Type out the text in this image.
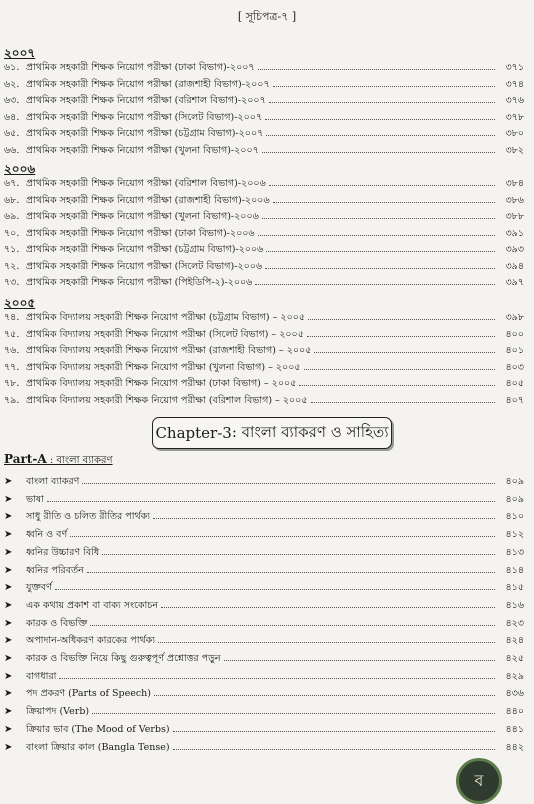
[ সূচিপত্র-৭ ]
২০০৭
৬১. প্রাথমিক সহকারী শিক্ষক নিয়োগ পরীক্ষা (ঢাকা বিভাগ)-২০০৭	৩৭১
৬২. প্রাথমিক সহকারী শিক্ষক নিয়োগ পরীক্ষা (রাজশাহী বিভাগ)-২০০৭	৩৭৪
৬৩. প্রাথমিক সহকারী শিক্ষক নিয়োগ পরীক্ষা (বরিশাল বিভাগ)-২০০৭	৩৭৬
৬৪. প্রাথমিক সহকারী শিক্ষক নিয়োগ পরীক্ষা (সিলেট বিভাগ)-২০০৭	৩৭৮
৬৫. প্রাথমিক সহকারী শিক্ষক নিয়োগ পরীক্ষা (চট্টগ্রাম বিভাগ)-২০০৭	৩৮০
৬৬. প্রাথমিক সহকারী শিক্ষক নিয়োগ পরীক্ষা (খুলনা বিভাগ)-২০০৭	৩৮২
২০০৬
৬৭. প্রাথমিক সহকারী শিক্ষক নিয়োগ পরীক্ষা (বরিশাল বিভাগ)-২০০৬	৩৮৪
৬৮. প্রাথমিক সহকারী শিক্ষক নিয়োগ পরীক্ষা (রাজশাহী বিভাগ)-২০০৬	৩৮৬
৬৯. প্রাথমিক সহকারী শিক্ষক নিয়োগ পরীক্ষা (খুলনা বিভাগ)-২০০৬	৩৮৮
৭০. প্রাথমিক সহকারী শিক্ষক নিয়োগ পরীক্ষা (ঢাকা বিভাগ)-২০০৬	৩৯১
৭১. প্রাথমিক সহকারী শিক্ষক নিয়োগ পরীক্ষা (চট্টগ্রাম বিভাগ)-২০০৬	৩৯৩
৭২. প্রাথমিক সহকারী শিক্ষক নিয়োগ পরীক্ষা (সিলেট বিভাগ)-২০০৬	৩৯৪
৭৩. প্রাথমিক সহকারী শিক্ষক নিয়োগ পরীক্ষা (পিইডিপি-২)-২০০৬	৩৯৭
২০০৫
৭৪. প্রাথমিক বিদ্যালয় সহকারী শিক্ষক নিয়োগ পরীক্ষা (চট্টগ্রাম বিভাগ) – ২০০৫	৩৯৮
৭৫. প্রাথমিক বিদ্যালয় সহকারী শিক্ষক নিয়োগ পরীক্ষা (সিলেট বিভাগ) – ২০০৫	৪০০
৭৬. প্রাথমিক বিদ্যালয় সহকারী শিক্ষক নিয়োগ পরীক্ষা (রাজশাহী বিভাগ) – ২০০৫	৪০১
৭৭. প্রাথমিক বিদ্যালয় সহকারী শিক্ষক নিয়োগ পরীক্ষা (খুলনা বিভাগ) – ২০০৫	৪০৩
৭৮. প্রাথমিক বিদ্যালয় সহকারী শিক্ষক নিয়োগ পরীক্ষা (ঢাকা বিভাগ) – ২০০৫	৪০৫
৭৯. প্রাথমিক বিদ্যালয় সহকারী শিক্ষক নিয়োগ পরীক্ষা (বরিশাল বিভাগ) – ২০০৫	৪০৭
Chapter-3 : বাংলা ব্যাকরণ ও সাহিত্য
Part-A : বাংলা ব্যাকরণ
➤	বাংলা ব্যাকরণ	৪০৯
➤	ভাষা	৪০৯
➤	সাধু রীতি ও চলিত রীতির পার্থক্য	৪১০
➤	ধ্বনি ও বর্ণ	৪১২
➤	ধ্বনির উচ্চারণ বিধি	৪১৩
➤	ধ্বনির পরিবর্তন	৪১৪
➤	যুক্তবর্ণ	৪১৫
➤	এক কথায় প্রকাশ বা বাক্য সংকোচন	৪১৬
➤	কারক ও বিভক্তি	৪২৩
➤	অপাদান-অধিকরণ কারকের পার্থক্য	৪২৪
➤	কারক ও বিভক্তি নিয়ে কিছু গুরুত্বপূর্ণ প্রশ্নোত্তর পড়ুন	৪২৫
➤	বাগধারা	৪২৯
➤	পদ প্রকরণ (Parts of Speech)	৪৩৬
➤	ক্রিয়াপদ (Verb)	৪৪০
➤	ক্রিয়ার ভাব (The Mood of Verbs)	৪৪১
➤	বাংলা ক্রিয়ার কাল (Bangla Tense)	৪৪২
ব
